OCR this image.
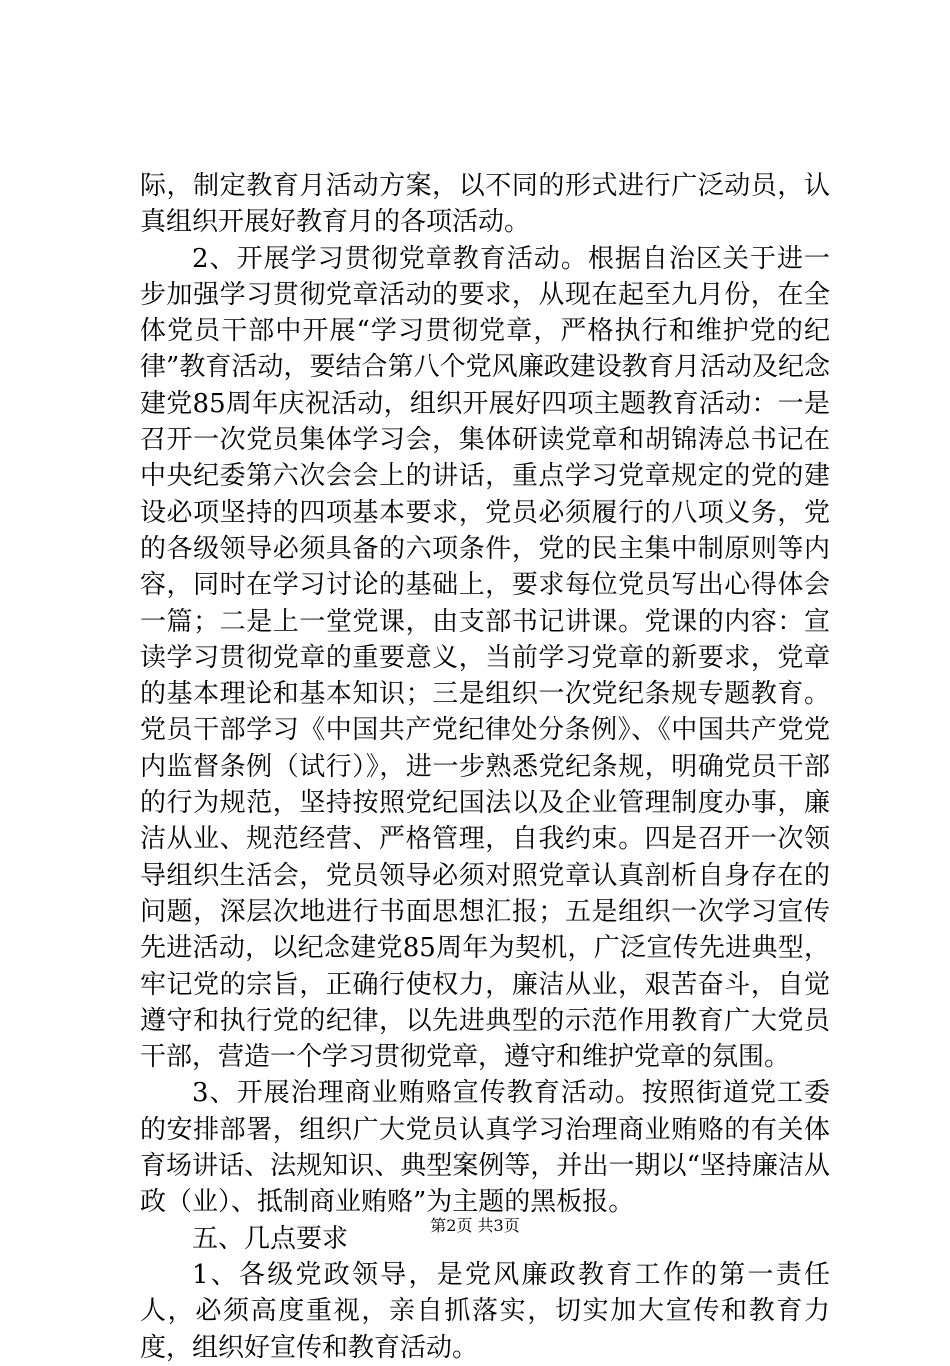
际，制定教育月活动方案，以不同的形式进行广泛动员，认真组织开展好教育月的各项活动。

2、开展学习贯彻党章教育活动。根据自治区关于进一步加强学习贯彻党章活动的要求，从现在起至九月份，在全体党员干部中开展“学习贯彻党章，严格执行和维护党的纪律”教育活动，要结合第八个党风廉政建设教育月活动及纪念建党85周年庆祝活动，组织开展好四项主题教育活动：一是召开一次党员集体学习会，集体研读党章和胡锦涛总书记在中央纪委第六次会会上的讲话，重点学习党章规定的党的建设必项坚持的四项基本要求，党员必须履行的八项义务，党的各级领导必须具备的六项条件，党的民主集中制原则等内容，同时在学习讨论的基础上，要求每位党员写出心得体会一篇；二是上一堂党课，由支部书记讲课。党课的内容：宣读学习贯彻党章的重要意义，当前学习党章的新要求，党章的基本理论和基本知识；三是组织一次党纪条规专题教育。党员干部学习《中国共产党纪律处分条例》、《中国共产党党内监督条例（试行）》，进一步熟悉党纪条规，明确党员干部的行为规范，坚持按照党纪国法以及企业管理制度办事，廉洁从业、规范经营、严格管理，自我约束。四是召开一次领导组织生活会，党员领导必须对照党章认真剖析自身存在的问题，深层次地进行书面思想汇报；五是组织一次学习宣传先进活动，以纪念建党85周年为契机，广泛宣传先进典型，牢记党的宗旨，正确行使权力，廉洁从业，艰苦奋斗，自觉遵守和执行党的纪律，以先进典型的示范作用教育广大党员干部，营造一个学习贯彻党章，遵守和维护党章的氛围。

3、开展治理商业贿赂宣传教育活动。按照街道党工委的安排部署，组织广大党员认真学习治理商业贿赂的有关体育场讲话、法规知识、典型案例等，并出一期以“坚持廉洁从政（业）、抵制商业贿赂”为主题的黑板报。

五、几点要求

1、各级党政领导，是党风廉政教育工作的第一责任人，必须高度重视，亲自抓落实，切实加大宣传和教育力度，组织好宣传和教育活动。

第2页 共3页
